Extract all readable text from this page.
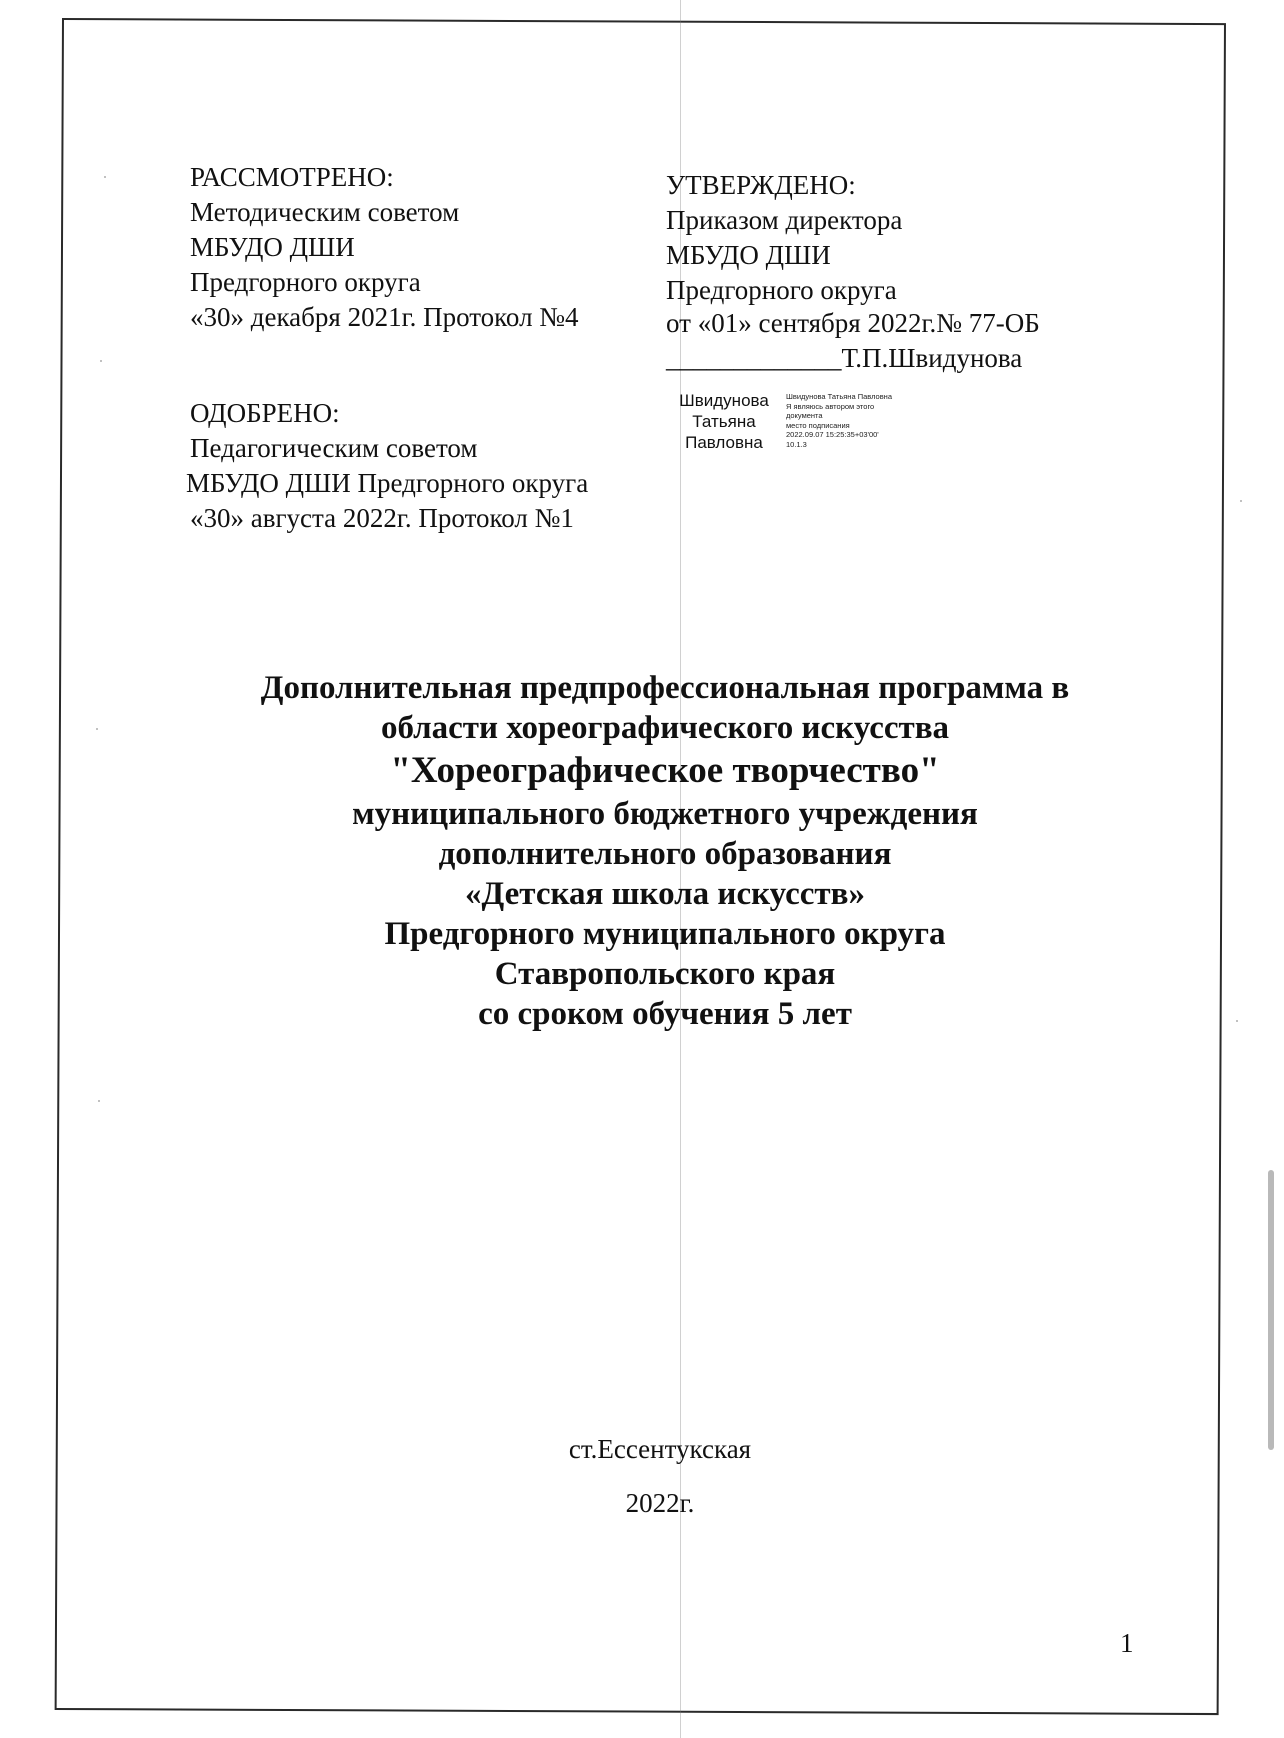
РАССМОТРЕНО:
Методическим советом
МБУДО ДШИ
Предгорного округа
«30» декабря 2021г. Протокол №4
УТВЕРЖДЕНО:
Приказом директора
МБУДО ДШИ
Предгорного округа
от «01» сентября 2022г.№ 77-ОБ
_____________Т.П.Швидунова
Швидунова
Татьяна
Павловна
Швидунова Татьяна Павловна
Я являюсь автором этого
документа
место подписания
2022.09.07 15:25:35+03'00'
10.1.3
ОДОБРЕНО:
Педагогическим советом
МБУДО ДШИ Предгорного округа
«30» августа 2022г. Протокол №1
Дополнительная предпрофессиональная программа в
области хореографического искусства
"Хореографическое творчество"
муниципального бюджетного учреждения
дополнительного образования
«Детская школа искусств»
Предгорного муниципального округа
Ставропольского края
со сроком обучения 5 лет
ст.Ессентукская
2022г.
1
